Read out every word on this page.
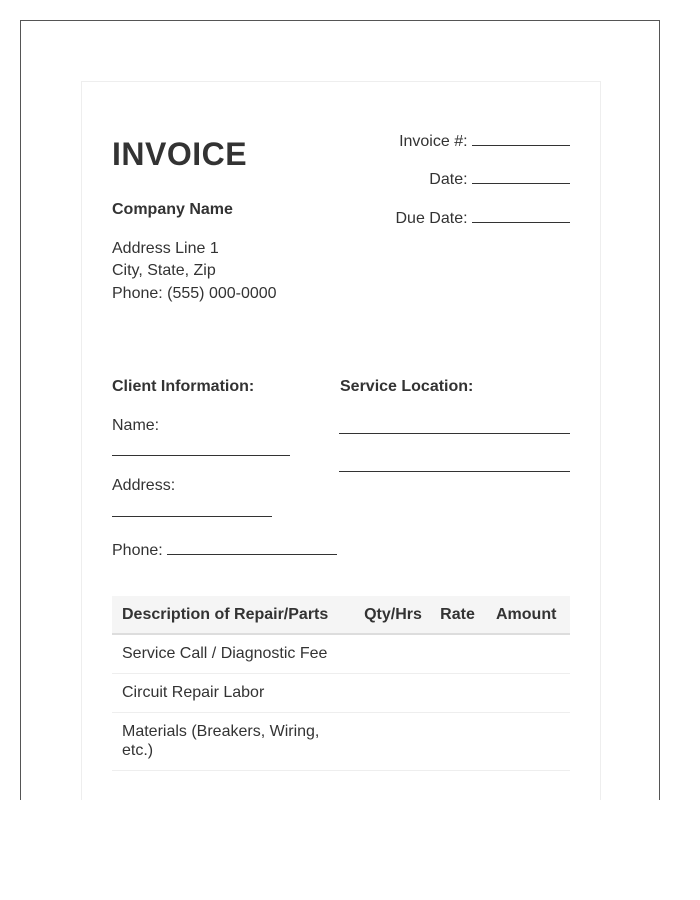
INVOICE
Company Name
Address Line 1
City, State, Zip
Phone: (555) 000-0000
Invoice #:
Date:
Due Date:
Client Information:
Name:
Address:
Phone:
Service Location:
Description of Repair/Parts	Qty/Hrs	Rate	Amount
Service Call / Diagnostic Fee			
Circuit Repair Labor			
Materials (Breakers, Wiring, etc.)			
